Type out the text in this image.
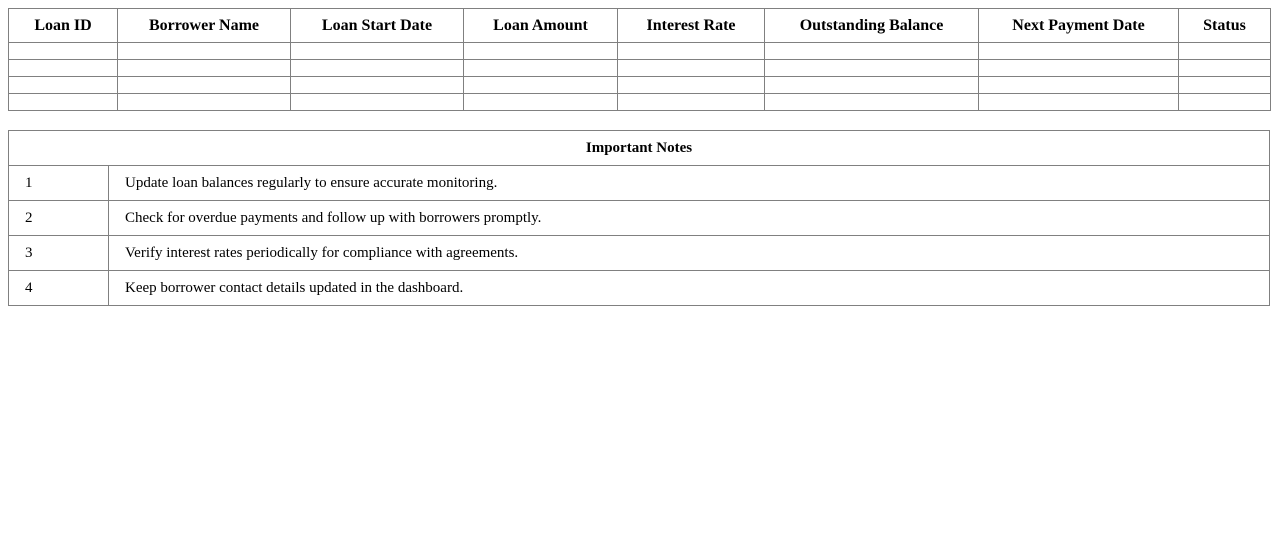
Loan ID	Borrower Name	Loan Start Date	Loan Amount	Interest Rate	Outstanding Balance	Next Payment Date	Status

Important Notes	
1	Update loan balances regularly to ensure accurate monitoring.
2	Check for overdue payments and follow up with borrowers promptly.
3	Verify interest rates periodically for compliance with agreements.
4	Keep borrower contact details updated in the dashboard.
